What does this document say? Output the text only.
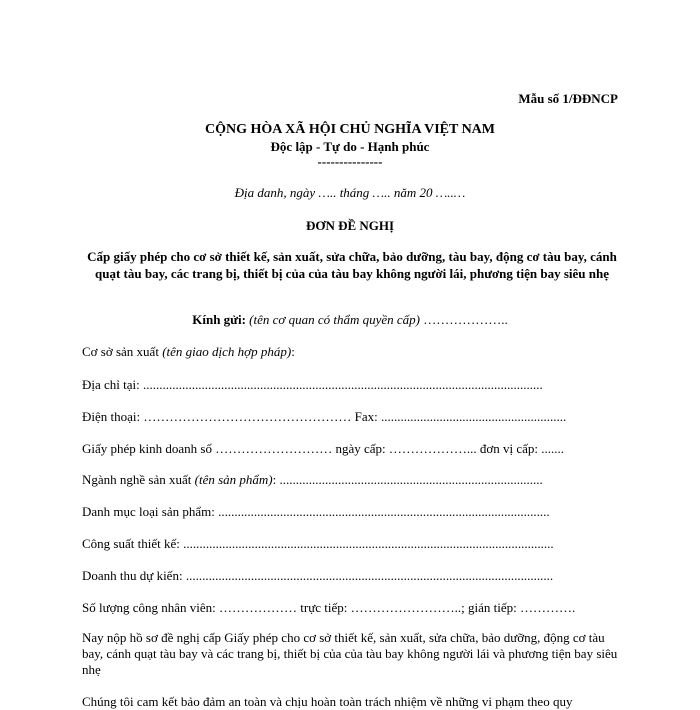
Mẫu số 1/ĐĐNCP
CỘNG HÒA XÃ HỘI CHỦ NGHĨA VIỆT NAM
Độc lập - Tự do - Hạnh phúc
---------------
Địa danh, ngày ….. tháng ….. năm 20 …..…
ĐƠN ĐỀ NGHỊ
Cấp giấy phép cho cơ sở thiết kế, sản xuất, sửa chữa, bảo dưỡng, tàu bay, động cơ tàu bay, cánh quạt tàu bay, các trang bị, thiết bị của của tàu bay không người lái, phương tiện bay siêu nhẹ
Kính gửi: (tên cơ quan có thẩm quyền cấp) ………………..
Cơ sở sản xuất (tên giao dịch hợp pháp):
Địa chỉ tại: ...........................................................................................................................
Điện thoại: ………………………………………… Fax: .........................................................
Giấy phép kinh doanh số ……………………… ngày cấp: ………………... đơn vị cấp: .......
Ngành nghề sản xuất (tên sản phẩm): .................................................................................
Danh mục loại sản phẩm: ......................................................................................................
Công suất thiết kế: ..................................................................................................................
Doanh thu dự kiến: .................................................................................................................
Số lượng công nhân viên: ……………… trực tiếp: ……………………..; gián tiếp: ………….
Nay nộp hồ sơ đề nghị cấp Giấy phép cho cơ sở thiết kế, sản xuất, sửa chữa, bảo dưỡng, động cơ tàu bay, cánh quạt tàu bay và các trang bị, thiết bị của của tàu bay không người lái và phương tiện bay siêu nhẹ
Chúng tôi cam kết bảo đảm an toàn và chịu hoàn toàn trách nhiệm về những vi phạm theo quy
